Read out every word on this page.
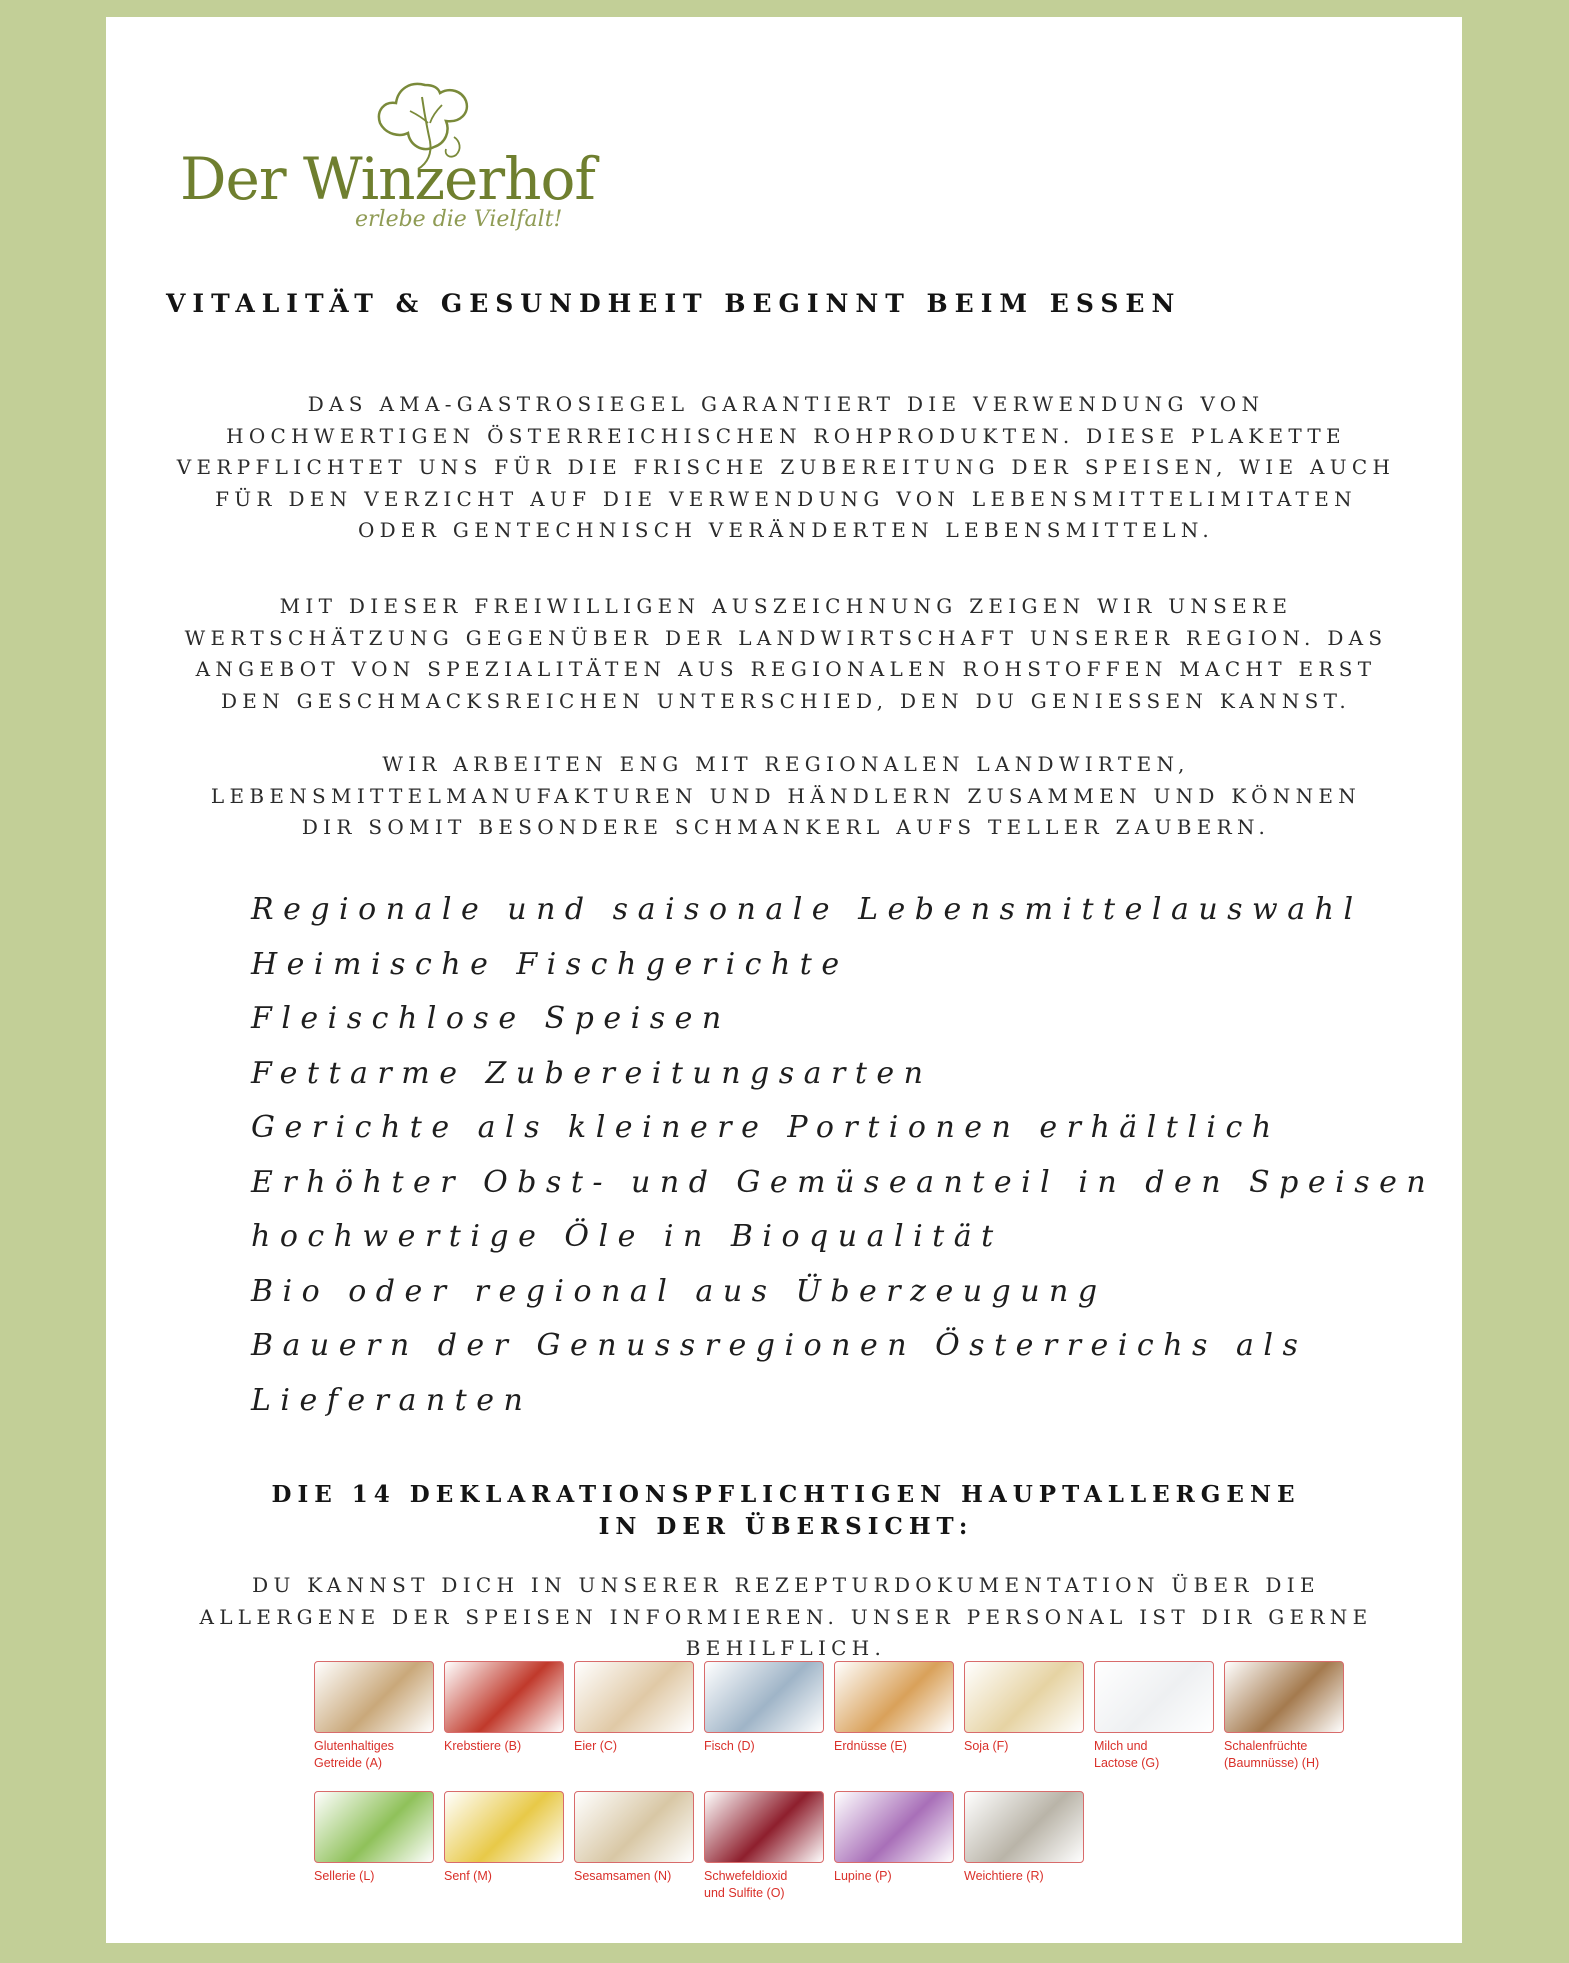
Der Winzerhof
erlebe die Vielfalt!
VITALITÄT & GESUNDHEIT BEGINNT BEIM ESSEN
DAS AMA-GASTROSIEGEL GARANTIERT DIE VERWENDUNG VON
HOCHWERTIGEN ÖSTERREICHISCHEN ROHPRODUKTEN. DIESE PLAKETTE
VERPFLICHTET UNS FÜR DIE FRISCHE ZUBEREITUNG DER SPEISEN, WIE AUCH
FÜR DEN VERZICHT AUF DIE VERWENDUNG VON LEBENSMITTELIMITATEN
ODER GENTECHNISCH VERÄNDERTEN LEBENSMITTELN.
MIT DIESER FREIWILLIGEN AUSZEICHNUNG ZEIGEN WIR UNSERE
WERTSCHÄTZUNG GEGENÜBER DER LANDWIRTSCHAFT UNSERER REGION. DAS
ANGEBOT VON SPEZIALITÄTEN AUS REGIONALEN ROHSTOFFEN MACHT ERST
DEN GESCHMACKSREICHEN UNTERSCHIED, DEN DU GENIESSEN KANNST.
WIR ARBEITEN ENG MIT REGIONALEN LANDWIRTEN,
LEBENSMITTELMANUFAKTUREN UND HÄNDLERN ZUSAMMEN UND KÖNNEN
DIR SOMIT BESONDERE SCHMANKERL AUFS TELLER ZAUBERN.
Regionale und saisonale Lebensmittelauswahl
Heimische Fischgerichte
Fleischlose Speisen
Fettarme Zubereitungsarten
Gerichte als kleinere Portionen erhältlich
Erhöhter Obst- und Gemüseanteil in den Speisen
hochwertige Öle in Bioqualität
Bio oder regional aus Überzeugung
Bauern der Genussregionen Österreichs als
Lieferanten
DIE 14 DEKLARATIONSPFLICHTIGEN HAUPTALLERGENE
IN DER ÜBERSICHT:
DU KANNST DICH IN UNSERER REZEPTURDOKUMENTATION ÜBER DIE
ALLERGENE DER SPEISEN INFORMIEREN. UNSER PERSONAL IST DIR GERNE
BEHILFLICH.
Glutenhaltiges
Getreide (A)
Krebstiere (B)	Eier (C)	Fisch (D)	Erdnüsse (E)	Soja (F)	Milch und
Lactose (G)
Schalenfrüchte
(Baumnüsse) (H)
Sellerie (L)	Senf (M)	Sesamsamen (N)	Schwefeldioxid
und Sulfite (O)
Lupine (P)	Weichtiere (R)
